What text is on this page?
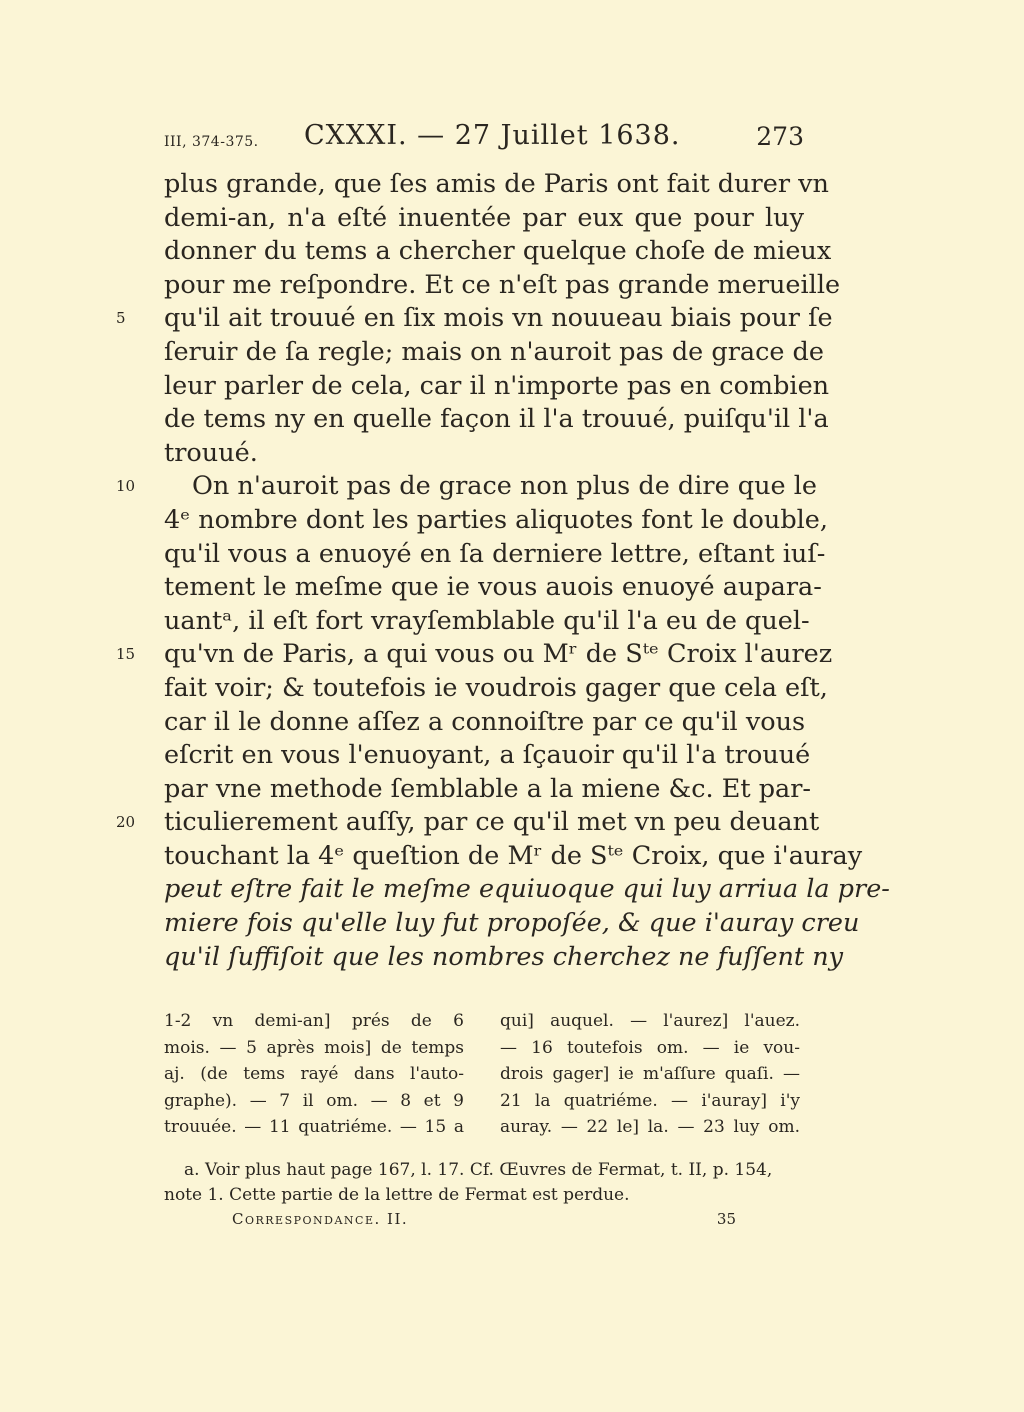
III, 374-375. CXXXI. — 27 Juillet 1638.	273
plus grande, que ſes amis de Paris ont fait durer vn
demi-an, n'a eſté inuentée par eux que pour luy
donner du tems a chercher quelque choſe de mieux
pour me reſpondre. Et ce n'eſt pas grande merueille
5	qu'il ait trouué en ſix mois vn nouueau biais pour ſe
ſeruir de ſa regle; mais on n'auroit pas de grace de
leur parler de cela, car il n'importe pas en combien
de tems ny en quelle façon il l'a trouué, puiſqu'il l'a
trouué.
10	On n'auroit pas de grace non plus de dire que le
4ᵉ nombre dont les parties aliquotes font le double,
qu'il vous a enuoyé en ſa derniere lettre, eſtant iuſ-
tement le meſme que ie vous auois enuoyé aupara-
uantᵃ, il eſt fort vrayſemblable qu'il l'a eu de quel-
15	qu'vn de Paris, a qui vous ou Mʳ de Sᵗᵉ Croix l'aurez
fait voir; & toutefois ie voudrois gager que cela eſt,
car il le donne aſſez a connoiſtre par ce qu'il vous
eſcrit en vous l'enuoyant, a ſçauoir qu'il l'a trouué
par vne methode ſemblable a la miene &c. Et par-
20	ticulierement auſſy, par ce qu'il met vn peu deuant
touchant la 4ᵉ queſtion de Mʳ de Sᵗᵉ Croix, que i'auray
peut eſtre fait le meſme equiuoque qui luy arriua la pre-
miere fois qu'elle luy fut propoſée, & que i'auray creu
qu'il ſuffiſoit que les nombres cherchez ne fuſſent ny
1-2 vn demi-an] prés de 6
mois. — 5 après mois] de temps
aj. (de tems rayé dans l'auto-
graphe). — 7 il om. — 8 et 9
trouuée. — 11 quatriéme. — 15 a
qui] auquel. — l'aurez] l'auez.
— 16 toutefois om. — ie vou-
drois gager] ie m'aſſure quaſi. —
21 la quatriéme. — i'auray] i'y
auray. — 22 le] la. — 23 luy om.
a. Voir plus haut page 167, l. 17. Cf. Œuvres de Fermat, t. II, p. 154,
note 1. Cette partie de la lettre de Fermat est perdue.
Correspondance. II.	35
